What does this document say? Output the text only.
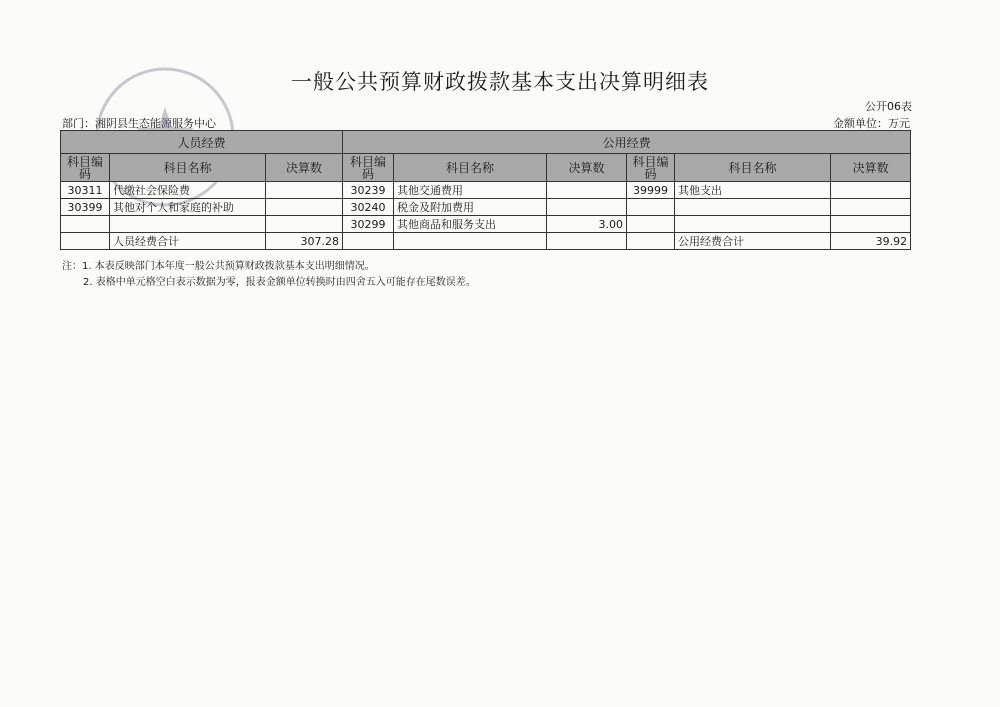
一般公共预算财政拨款基本支出决算明细表
公开06表
部门：湘阴县生态能源服务中心	金额单位：万元
人员经费			公用经费					
科目编码	科目名称	决算数	科目编码	科目名称	决算数	科目编码	科目名称	决算数
30311	代缴社会保险费		30239	其他交通费用		39999	其他支出	
30399	其他对个人和家庭的补助		30240	税金及附加费用				
			30299	其他商品和服务支出	3.00			
	人员经费合计	307.28					公用经费合计	39.92
注：1. 本表反映部门本年度一般公共预算财政拨款基本支出明细情况。
2. 表格中单元格空白表示数据为零，报表金额单位转换时由四舍五入可能存在尾数误差。
